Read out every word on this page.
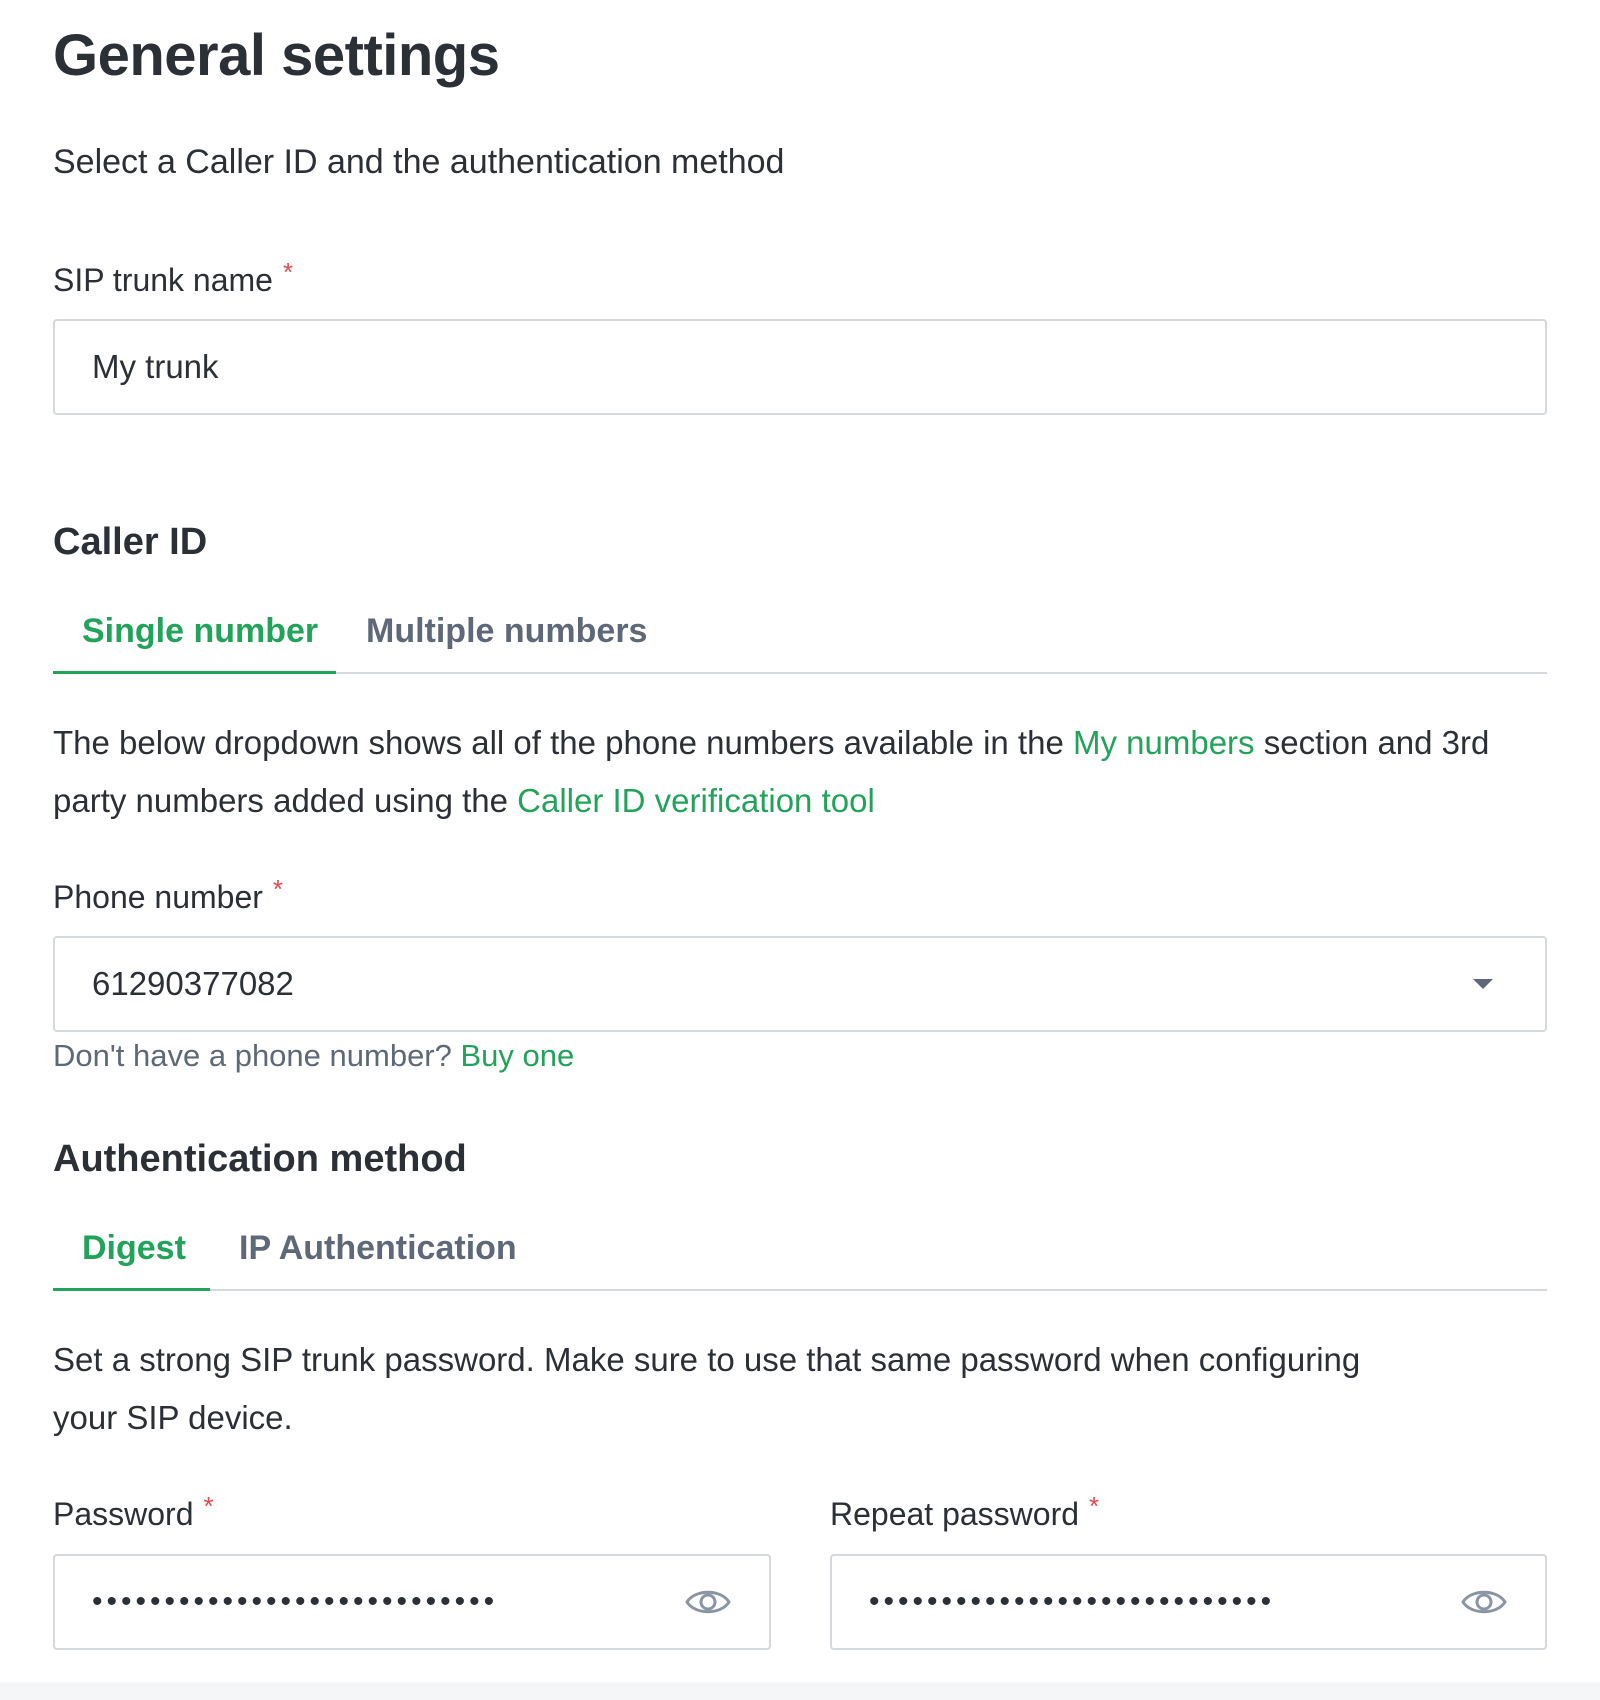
General settings

Select a Caller ID and the authentication method

SIP trunk name *
My trunk
Caller ID
Single number Multiple numbers

The below dropdown shows all of the phone numbers available in the My numbers section and 3rd party numbers added using the Caller ID verification tool

Phone number *
61290377082

Don't have a phone number? Buy one

Authentication method
Digest IP Authentication

Set a strong SIP trunk password. Make sure to use that same password when configuring your SIP device.

Password *
••••••••••••••••••••••••••••
Repeat password *
••••••••••••••••••••••••••••
